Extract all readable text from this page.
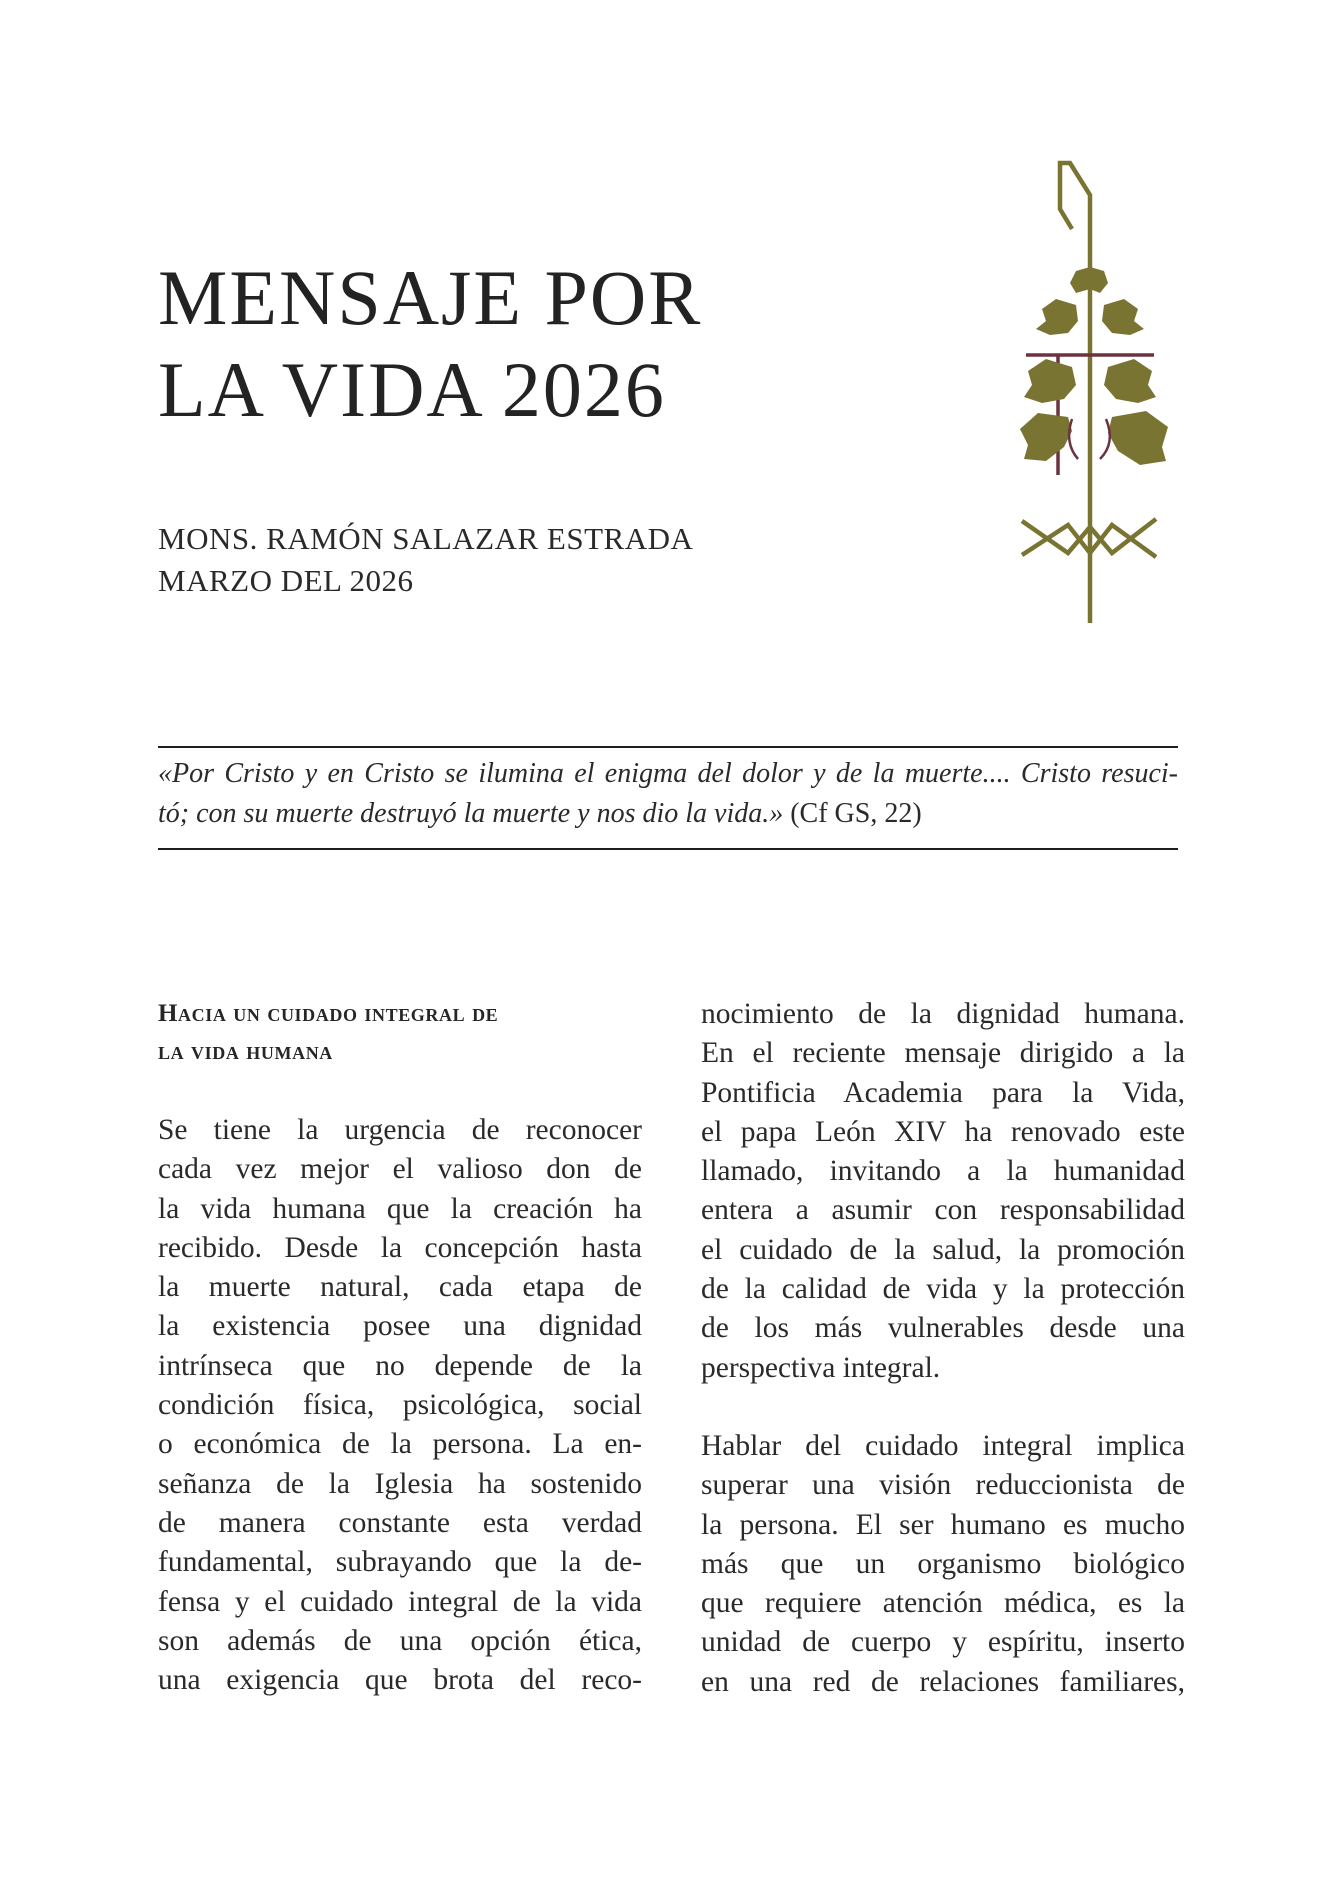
MENSAJE POR
LA VIDA 2026
MONS. RAMÓN SALAZAR ESTRADA
MARZO DEL 2026
«Por Cristo y en Cristo se ilumina el enigma del dolor y de la muerte.... Cristo resuci-
tó; con su muerte destruyó la muerte y nos dio la vida.» (Cf GS, 22)
Hacia un cuidado integral de
la vida humana

Se tiene la urgencia de reconocer
cada vez mejor el valioso don de
la vida humana que la creación ha
recibido. Desde la concepción hasta
la muerte natural, cada etapa de
la existencia posee una dignidad
intrínseca que no depende de la
condición física, psicológica, social
o económica de la persona. La en-
señanza de la Iglesia ha sostenido
de manera constante esta verdad
fundamental, subrayando que la de-
fensa y el cuidado integral de la vida
son además de una opción ética,
una exigencia que brota del reco-

nocimiento de la dignidad humana.
En el reciente mensaje dirigido a la
Pontificia Academia para la Vida,
el papa León XIV ha renovado este
llamado, invitando a la humanidad
entera a asumir con responsabilidad
el cuidado de la salud, la promoción
de la calidad de vida y la protección
de los más vulnerables desde una
perspectiva integral.

Hablar del cuidado integral implica
superar una visión reduccionista de
la persona. El ser humano es mucho
más que un organismo biológico
que requiere atención médica, es la
unidad de cuerpo y espíritu, inserto
en una red de relaciones familiares,
